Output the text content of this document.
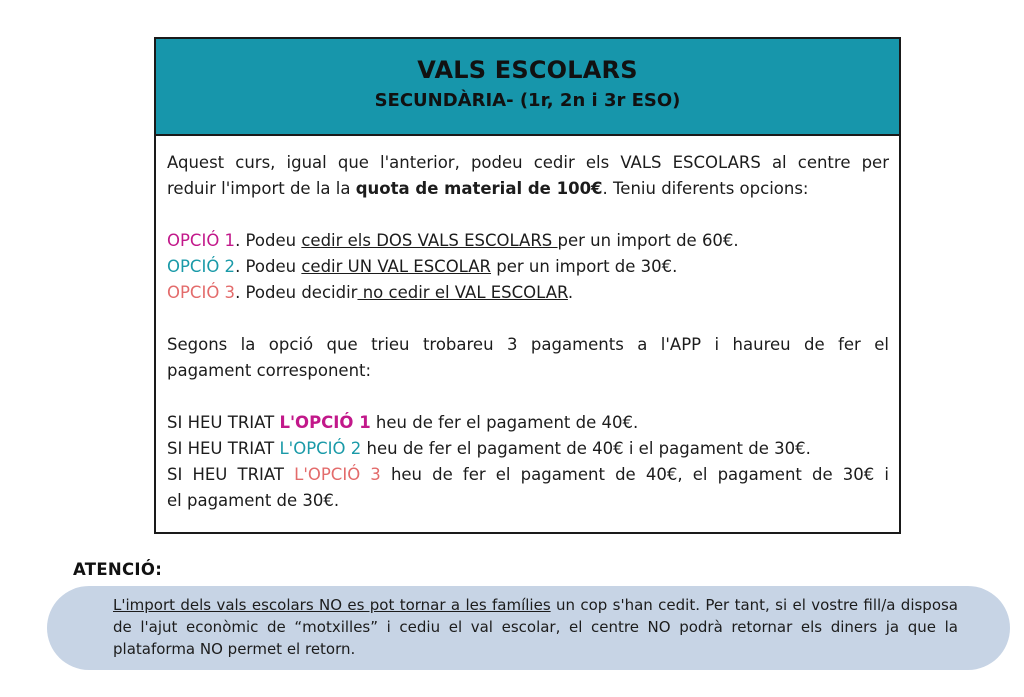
VALS ESCOLARS
SECUNDÀRIA- (1r, 2n i 3r ESO)

Aquest curs, igual que l'anterior, podeu cedir els VALS ESCOLARS al centre per

reduir l'import de la la quota de material de 100€. Teniu diferents opcions:

OPCIÓ 1. Podeu cedir els DOS VALS ESCOLARS per un import de 60€.

OPCIÓ 2. Podeu cedir UN VAL ESCOLAR per un import de 30€.

OPCIÓ 3. Podeu decidir no cedir el VAL ESCOLAR.

Segons la opció que trieu trobareu 3 pagaments a l'APP i haureu de fer el

pagament corresponent:

SI HEU TRIAT L'OPCIÓ 1 heu de fer el pagament de 40€.

SI HEU TRIAT L'OPCIÓ 2 heu de fer el pagament de 40€ i el pagament de 30€.

SI HEU TRIAT L'OPCIÓ 3 heu de fer el pagament de 40€, el pagament de 30€ i

el pagament de 30€.

ATENCIÓ:
L'import dels vals escolars NO es pot tornar a les famílies un cop s'han cedit. Per tant, si el vostre fill/a disposa de l'ajut econòmic de “motxilles” i cediu el val escolar, el centre NO podrà retornar els diners ja que la plataforma NO permet el retorn.
